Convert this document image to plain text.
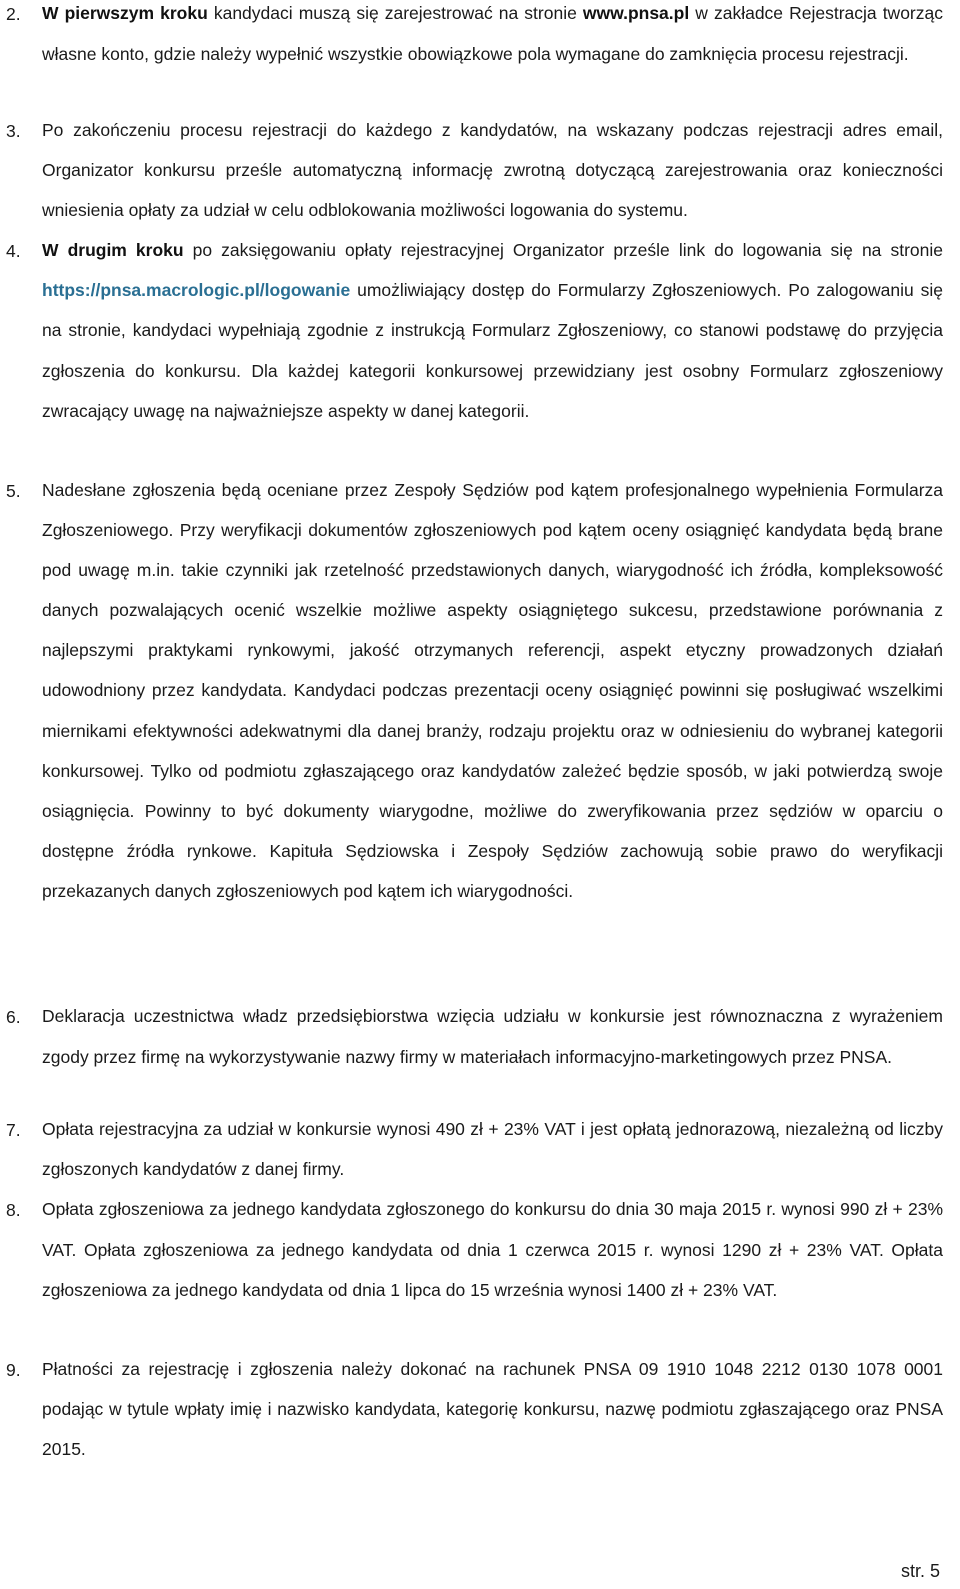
2. W pierwszym kroku kandydaci muszą się zarejestrować na stronie www.pnsa.pl w zakładce Rejestracja tworząc własne konto, gdzie należy wypełnić wszystkie obowiązkowe pola wymagane do zamknięcia procesu rejestracji.
3. Po zakończeniu procesu rejestracji do każdego z kandydatów, na wskazany podczas rejestracji adres email, Organizator konkursu prześle automatyczną informację zwrotną dotyczącą zarejestrowania oraz konieczności wniesienia opłaty za udział w celu odblokowania możliwości logowania do systemu.
4. W drugim kroku po zaksięgowaniu opłaty rejestracyjnej Organizator prześle link do logowania się na stronie https://pnsa.macrologic.pl/logowanie umożliwiający dostęp do Formularzy Zgłoszeniowych. Po zalogowaniu się na stronie, kandydaci wypełniają zgodnie z instrukcją Formularz Zgłoszeniowy, co stanowi podstawę do przyjęcia zgłoszenia do konkursu. Dla każdej kategorii konkursowej przewidziany jest osobny Formularz zgłoszeniowy zwracający uwagę na najważniejsze aspekty w danej kategorii.
5. Nadesłane zgłoszenia będą oceniane przez Zespoły Sędziów pod kątem profesjonalnego wypełnienia Formularza Zgłoszeniowego. Przy weryfikacji dokumentów zgłoszeniowych pod kątem oceny osiągnięć kandydata będą brane pod uwagę m.in. takie czynniki jak rzetelność przedstawionych danych, wiarygodność ich źródła, kompleksowość danych pozwalających ocenić wszelkie możliwe aspekty osiągniętego sukcesu, przedstawione porównania z najlepszymi praktykami rynkowymi, jakość otrzymanych referencji, aspekt etyczny prowadzonych działań udowodniony przez kandydata. Kandydaci podczas prezentacji oceny osiągnięć powinni się posługiwać wszelkimi miernikami efektywności adekwatnymi dla danej branży, rodzaju projektu oraz w odniesieniu do wybranej kategorii konkursowej. Tylko od podmiotu zgłaszającego oraz kandydatów zależeć będzie sposób, w jaki potwierdzą swoje osiągnięcia. Powinny to być dokumenty wiarygodne, możliwe do zweryfikowania przez sędziów w oparciu o dostępne źródła rynkowe. Kapituła Sędziowska i Zespoły Sędziów zachowują sobie prawo do weryfikacji przekazanych danych zgłoszeniowych pod kątem ich wiarygodności.
6. Deklaracja uczestnictwa władz przedsiębiorstwa wzięcia udziału w konkursie jest równoznaczna z wyrażeniem zgody przez firmę na wykorzystywanie nazwy firmy w materiałach informacyjno-marketingowych przez PNSA.
7. Opłata rejestracyjna za udział w konkursie wynosi 490 zł + 23% VAT i jest opłatą jednorazową, niezależną od liczby zgłoszonych kandydatów z danej firmy.
8. Opłata zgłoszeniowa za jednego kandydata zgłoszonego do konkursu do dnia 30 maja 2015 r. wynosi 990 zł + 23% VAT. Opłata zgłoszeniowa za jednego kandydata od dnia 1 czerwca 2015 r. wynosi 1290 zł + 23% VAT. Opłata zgłoszeniowa za jednego kandydata od dnia 1 lipca do 15 września wynosi 1400 zł + 23% VAT.
9. Płatności za rejestrację i zgłoszenia należy dokonać na rachunek PNSA 09 1910 1048 2212 0130 1078 0001 podając w tytule wpłaty imię i nazwisko kandydata, kategorię konkursu, nazwę podmiotu zgłaszającego oraz PNSA 2015.
str. 5
